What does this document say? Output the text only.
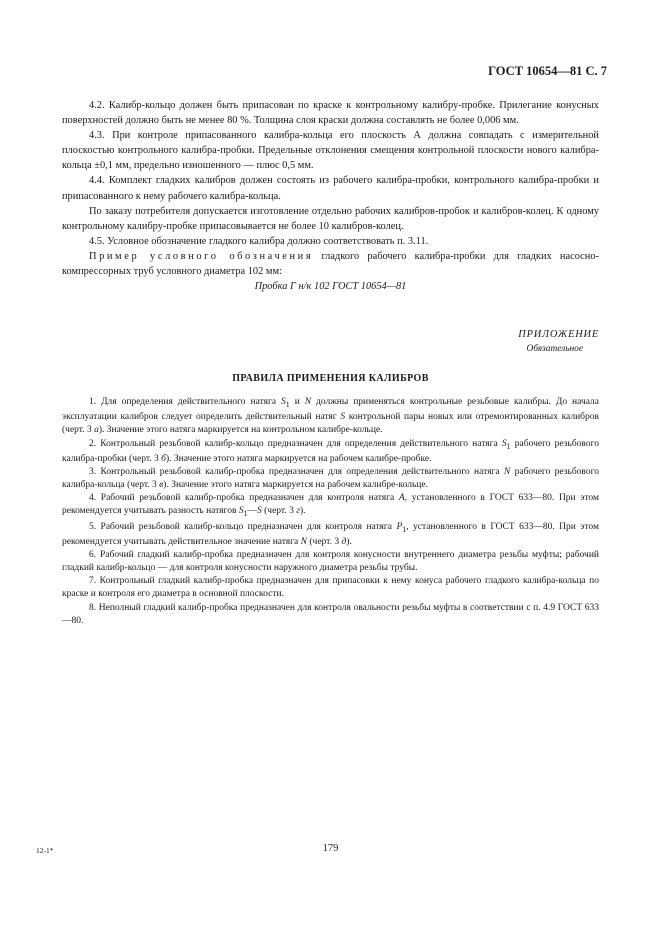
ГОСТ 10654—81 С. 7

4.2. Калибр-кольцо должен быть припасован по краске к контрольному калибру-пробке. Прилегание конусных поверхностей должно быть не менее 80 %. Толщина слоя краски должна составлять не более 0,006 мм.

4.3. При контроле припасованного калибра-кольца его плоскость А должна совпадать с измерительной плоскостью контрольного калибра-пробки. Предельные отклонения смещения контрольной плоскости нового калибра-кольца ±0,1 мм, предельно изношенного — плюс 0,5 мм.

4.4. Комплект гладких калибров должен состоять из рабочего калибра-пробки, контрольного калибра-пробки и припасованного к нему рабочего калибра-кольца.

По заказу потребителя допускается изготовление отдельно рабочих калибров-пробок и калибров-колец. К одному контрольному калибру-пробке припасовывается не более 10 калибров-колец.

4.5. Условное обозначение гладкого калибра должно соответствовать п. 3.11.

Пример условного обозначения гладкого рабочего калибра-пробки для гладких насосно-компрессорных труб условного диаметра 102 мм:

Пробка Г н/к 102 ГОСТ 10654—81
ПРИЛОЖЕНИЕ
Обязательное
ПРАВИЛА ПРИМЕНЕНИЯ КАЛИБРОВ

1. Для определения действительного натяга $S_1$ и N должны применяться контрольные резьбовые калибры. До начала эксплуатации калибров следует определить действительный натяг S контрольной пары новых или отремонтированных калибров (черт. 3 а). Значение этого натяга маркируется на контрольном калибре-кольце.

2. Контрольный резьбовой калибр-кольцо предназначен для определения действительного натяга $S_1$ рабочего резьбового калибра-пробки (черт. 3 б). Значение этого натяга маркируется на рабочем калибре-пробке.

3. Контрольный резьбовой калибр-пробка предназначен для определения действительного натяга N рабочего резьбового калибра-кольца (черт. 3 в). Значение этого натяга маркируется на рабочем калибре-кольце.

4. Рабочий резьбовой калибр-пробка предназначен для контроля натяга A, установленного в ГОСТ 633—80. При этом рекомендуется учитывать разность натягов $S_1—S$ (черт. 3 г).

5. Рабочий резьбовой калибр-кольцо предназначен для контроля натяга $P_1$, установленного в ГОСТ 633—80. При этом рекомендуется учитывать действительное значение натяга N (черт. 3 д).

6. Рабочий гладкий калибр-пробка предназначен для контроля конусности внутреннего диаметра резьбы муфты; рабочий гладкий калибр-кольцо — для контроля конусности наружного диаметра резьбы трубы.

7. Контрольный гладкий калибр-пробка предназначен для припасовки к нему конуса рабочего гладкого калибра-кольца по краске и контроля его диаметра в основной плоскости.

8. Неполный гладкий калибр-пробка предназначен для контроля овальности резьбы муфты в соответствии с п. 4.9 ГОСТ 633—80.

12-1*	179
